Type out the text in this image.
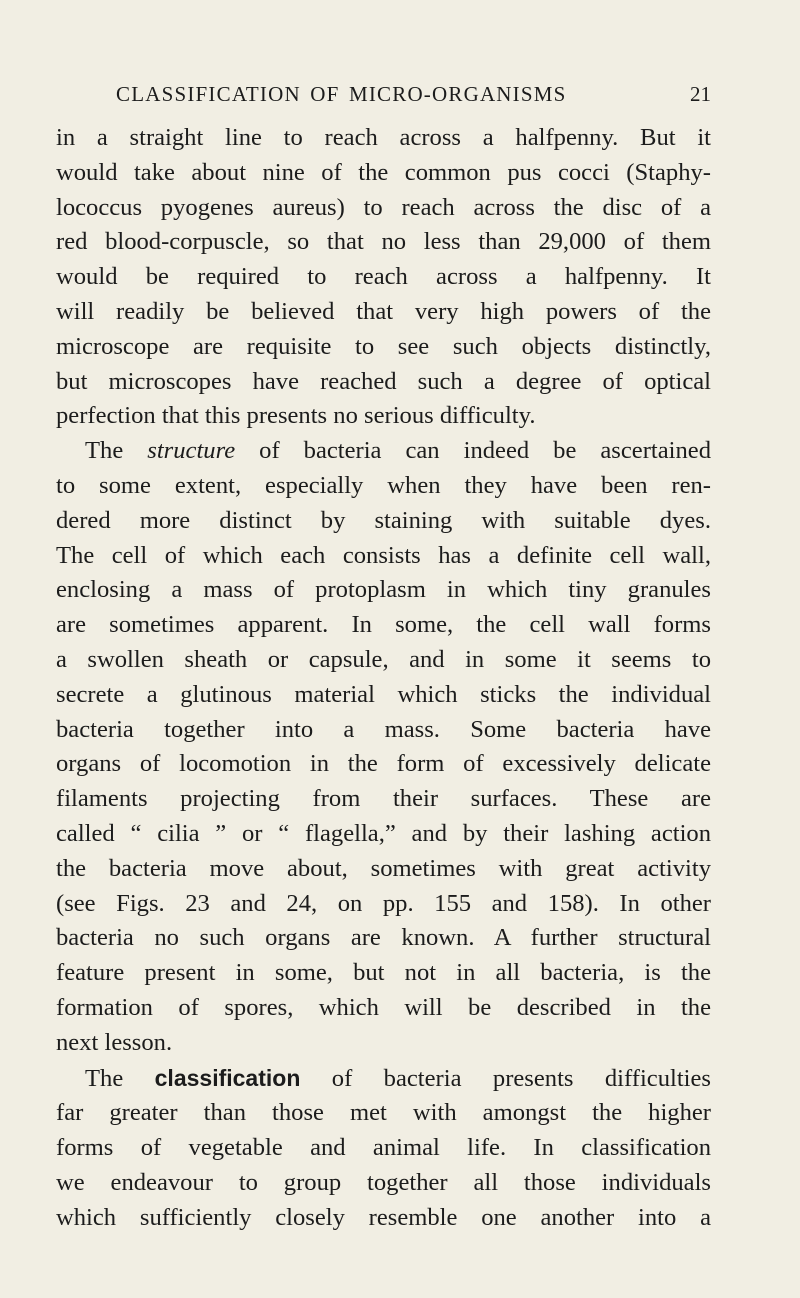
CLASSIFICATION OF MICRO-ORGANISMS	21
in a straight line to reach across a halfpenny. But it
would take about nine of the common pus cocci (Staphy-
lococcus pyogenes aureus) to reach across the disc of a
red blood-corpuscle, so that no less than 29,000 of them
would be required to reach across a halfpenny. It
will readily be believed that very high powers of the
microscope are requisite to see such objects distinctly,
but microscopes have reached such a degree of optical
perfection that this presents no serious difficulty.
The structure of bacteria can indeed be ascertained
to some extent, especially when they have been ren-
dered more distinct by staining with suitable dyes.
The cell of which each consists has a definite cell wall,
enclosing a mass of protoplasm in which tiny granules
are sometimes apparent. In some, the cell wall forms
a swollen sheath or capsule, and in some it seems to
secrete a glutinous material which sticks the individual
bacteria together into a mass. Some bacteria have
organs of locomotion in the form of excessively delicate
filaments projecting from their surfaces. These are
called “ cilia ” or “ flagella,” and by their lashing action
the bacteria move about, sometimes with great activity
(see Figs. 23 and 24, on pp. 155 and 158). In other
bacteria no such organs are known. A further structural
feature present in some, but not in all bacteria, is the
formation of spores, which will be described in the
next lesson.
The classification of bacteria presents difficulties
far greater than those met with amongst the higher
forms of vegetable and animal life. In classification
we endeavour to group together all those individuals
which sufficiently closely resemble one another into a
